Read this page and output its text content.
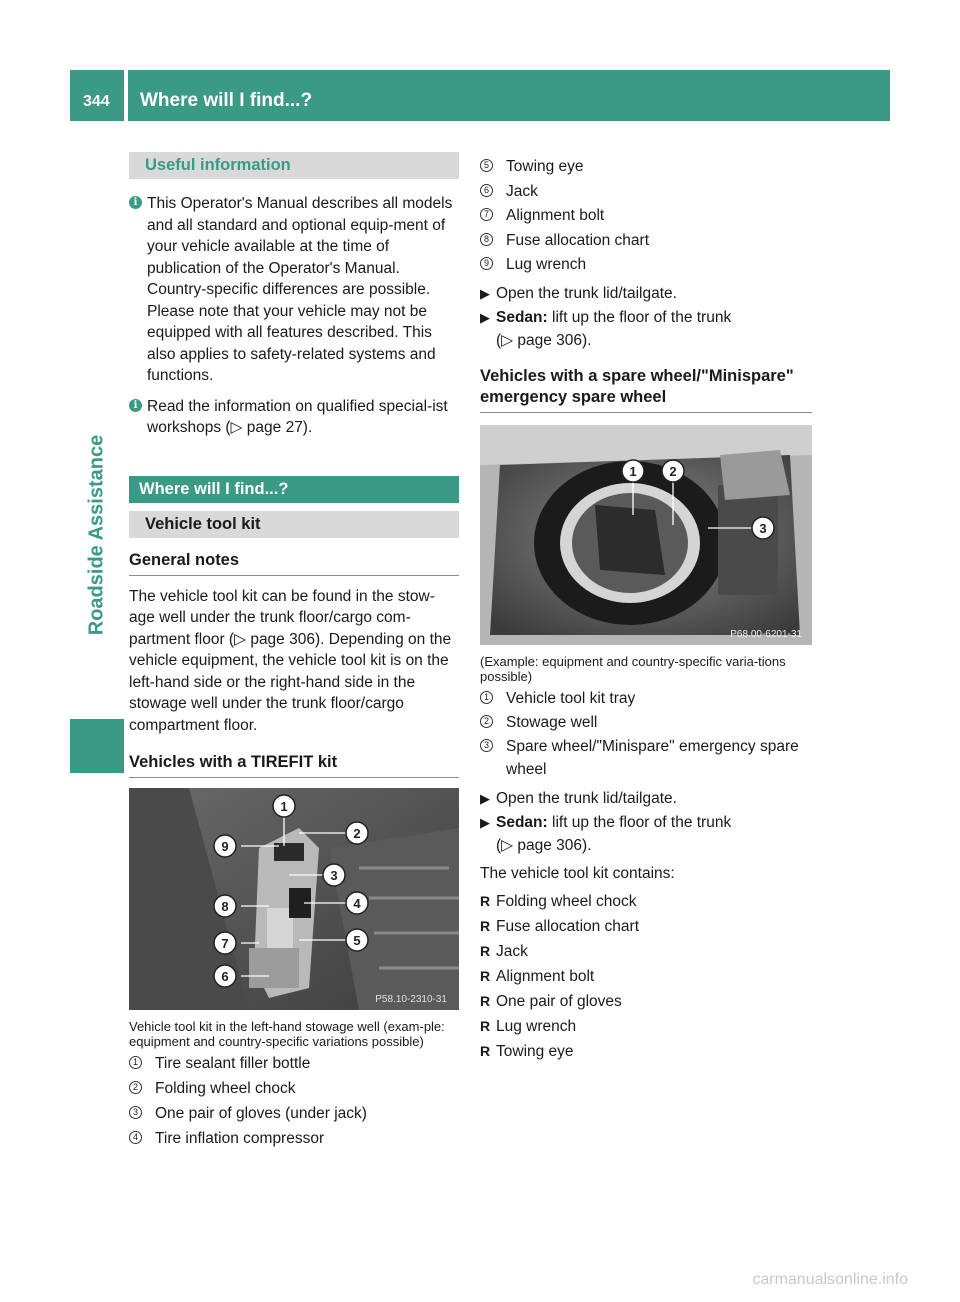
344	Where will I find...?
Roadside Assistance
Useful information
i This Operator's Manual describes all models and all standard and optional equip-ment of your vehicle available at the time of publication of the Operator's Manual. Country-specific differences are possible. Please note that your vehicle may not be equipped with all features described. This also applies to safety-related systems and functions.
i Read the information on qualified special-ist workshops (▷ page 27).
Where will I find...?
Vehicle tool kit
General notes
The vehicle tool kit can be found in the stow-age well under the trunk floor/cargo com-partment floor (▷ page 306). Depending on the vehicle equipment, the vehicle tool kit is on the left-hand side or the right-hand side in the stowage well under the trunk floor/cargo compartment floor.
Vehicles with a TIREFIT kit
1
2
3
4
5
6
7
8
9
P58.10-2310-31
Vehicle tool kit in the left-hand stowage well (exam-ple: equipment and country-specific variations possible)
1 Tire sealant filler bottle
2 Folding wheel chock
3 One pair of gloves (under jack)
4 Tire inflation compressor
5 Towing eye
6 Jack
7 Alignment bolt
8 Fuse allocation chart
9 Lug wrench
▶ Open the trunk lid/tailgate.
▶ Sedan: lift up the floor of the trunk
(▷ page 306).
Vehicles with a spare wheel/"Minispare" emergency spare wheel
1	2
3
P68.00-6201-31
(Example: equipment and country-specific varia-tions possible)
1 Vehicle tool kit tray
2 Stowage well
3 Spare wheel/"Minispare" emergency spare wheel
▶ Open the trunk lid/tailgate.
▶ Sedan: lift up the floor of the trunk
(▷ page 306).
The vehicle tool kit contains:
R Folding wheel chock
R Fuse allocation chart
R Jack
R Alignment bolt
R One pair of gloves
R Lug wrench
R Towing eye
carmanualsonline.info
